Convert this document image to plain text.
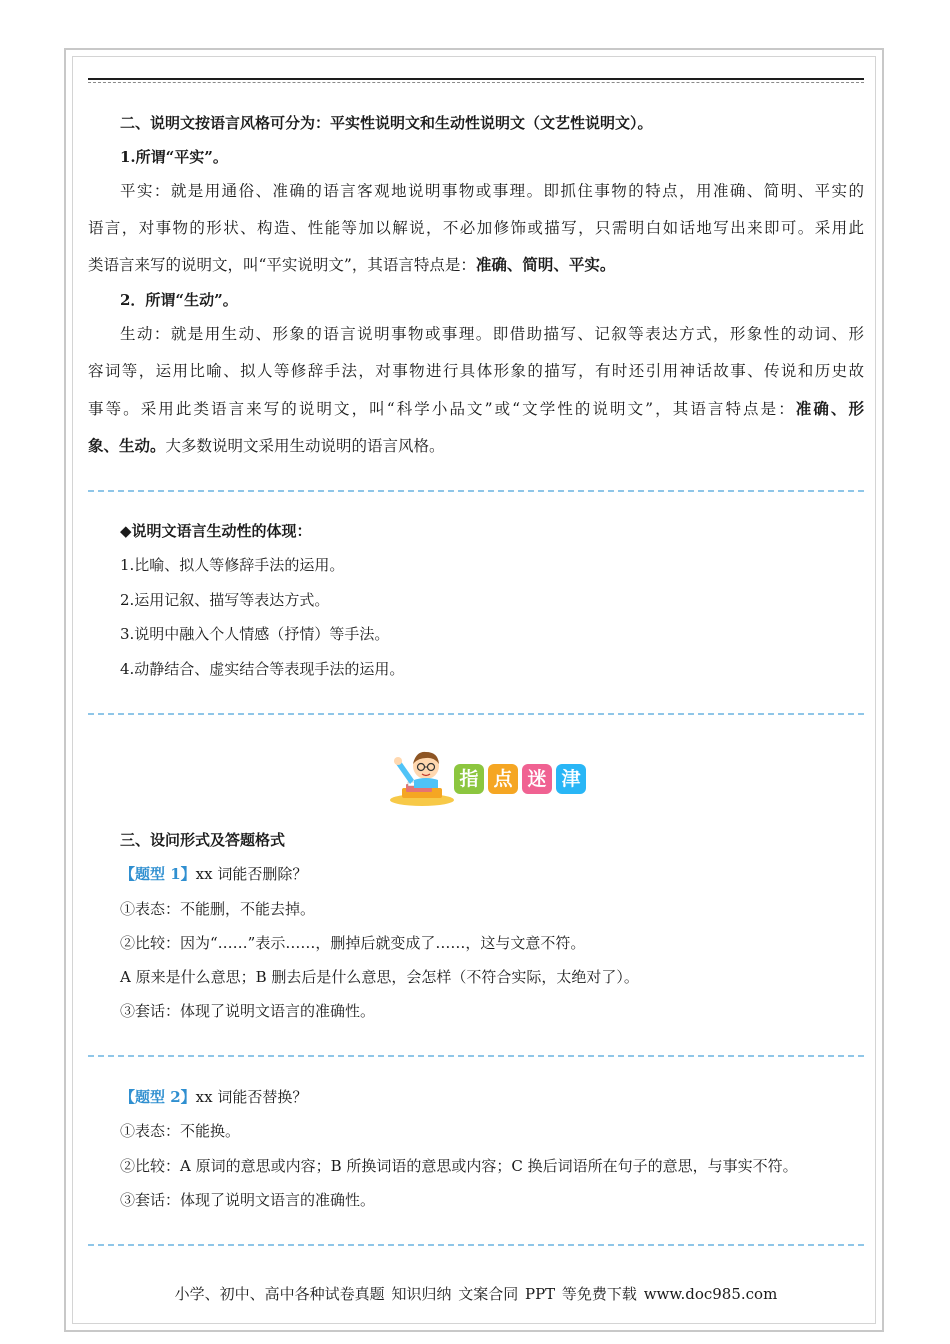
二、说明文按语言风格可分为：平实性说明文和生动性说明文（文艺性说明文）。
1.所谓“平实”。
平实：就是用通俗、准确的语言客观地说明事物或事理。即抓住事物的特点，用准确、简明、平实的
语言，对事物的形状、构造、性能等加以解说，不必加修饰或描写，只需明白如话地写出来即可。采用此
类语言来写的说明文，叫“平实说明文”，其语言特点是：准确、简明、平实。
2．所谓“生动”。
生动：就是用生动、形象的语言说明事物或事理。即借助描写、记叙等表达方式，形象性的动词、形
容词等，运用比喻、拟人等修辞手法，对事物进行具体形象的描写，有时还引用神话故事、传说和历史故
事等。采用此类语言来写的说明文，叫“科学小品文”或“文学性的说明文”，其语言特点是：准确、形
象、生动。大多数说明文采用生动说明的语言风格。
◆说明文语言生动性的体现：
1.比喻、拟人等修辞手法的运用。
2.运用记叙、描写等表达方式。
3.说明中融入个人情感（抒情）等手法。
4.动静结合、虚实结合等表现手法的运用。
指 点 迷 津
三、设问形式及答题格式
【题型 1】xx 词能否删除？
①表态：不能删，不能去掉。
②比较：因为“……”表示……，删掉后就变成了……，这与文意不符。
A 原来是什么意思；B 删去后是什么意思，会怎样（不符合实际，太绝对了）。
③套话：体现了说明文语言的准确性。
【题型 2】xx 词能否替换？
①表态：不能换。
②比较：A 原词的意思或内容；B 所换词语的意思或内容；C 换后词语所在句子的意思，与事实不符。
③套话：体现了说明文语言的准确性。
小学、初中、高中各种试卷真题 知识归纳 文案合同 PPT 等免费下载 www.doc985.com
